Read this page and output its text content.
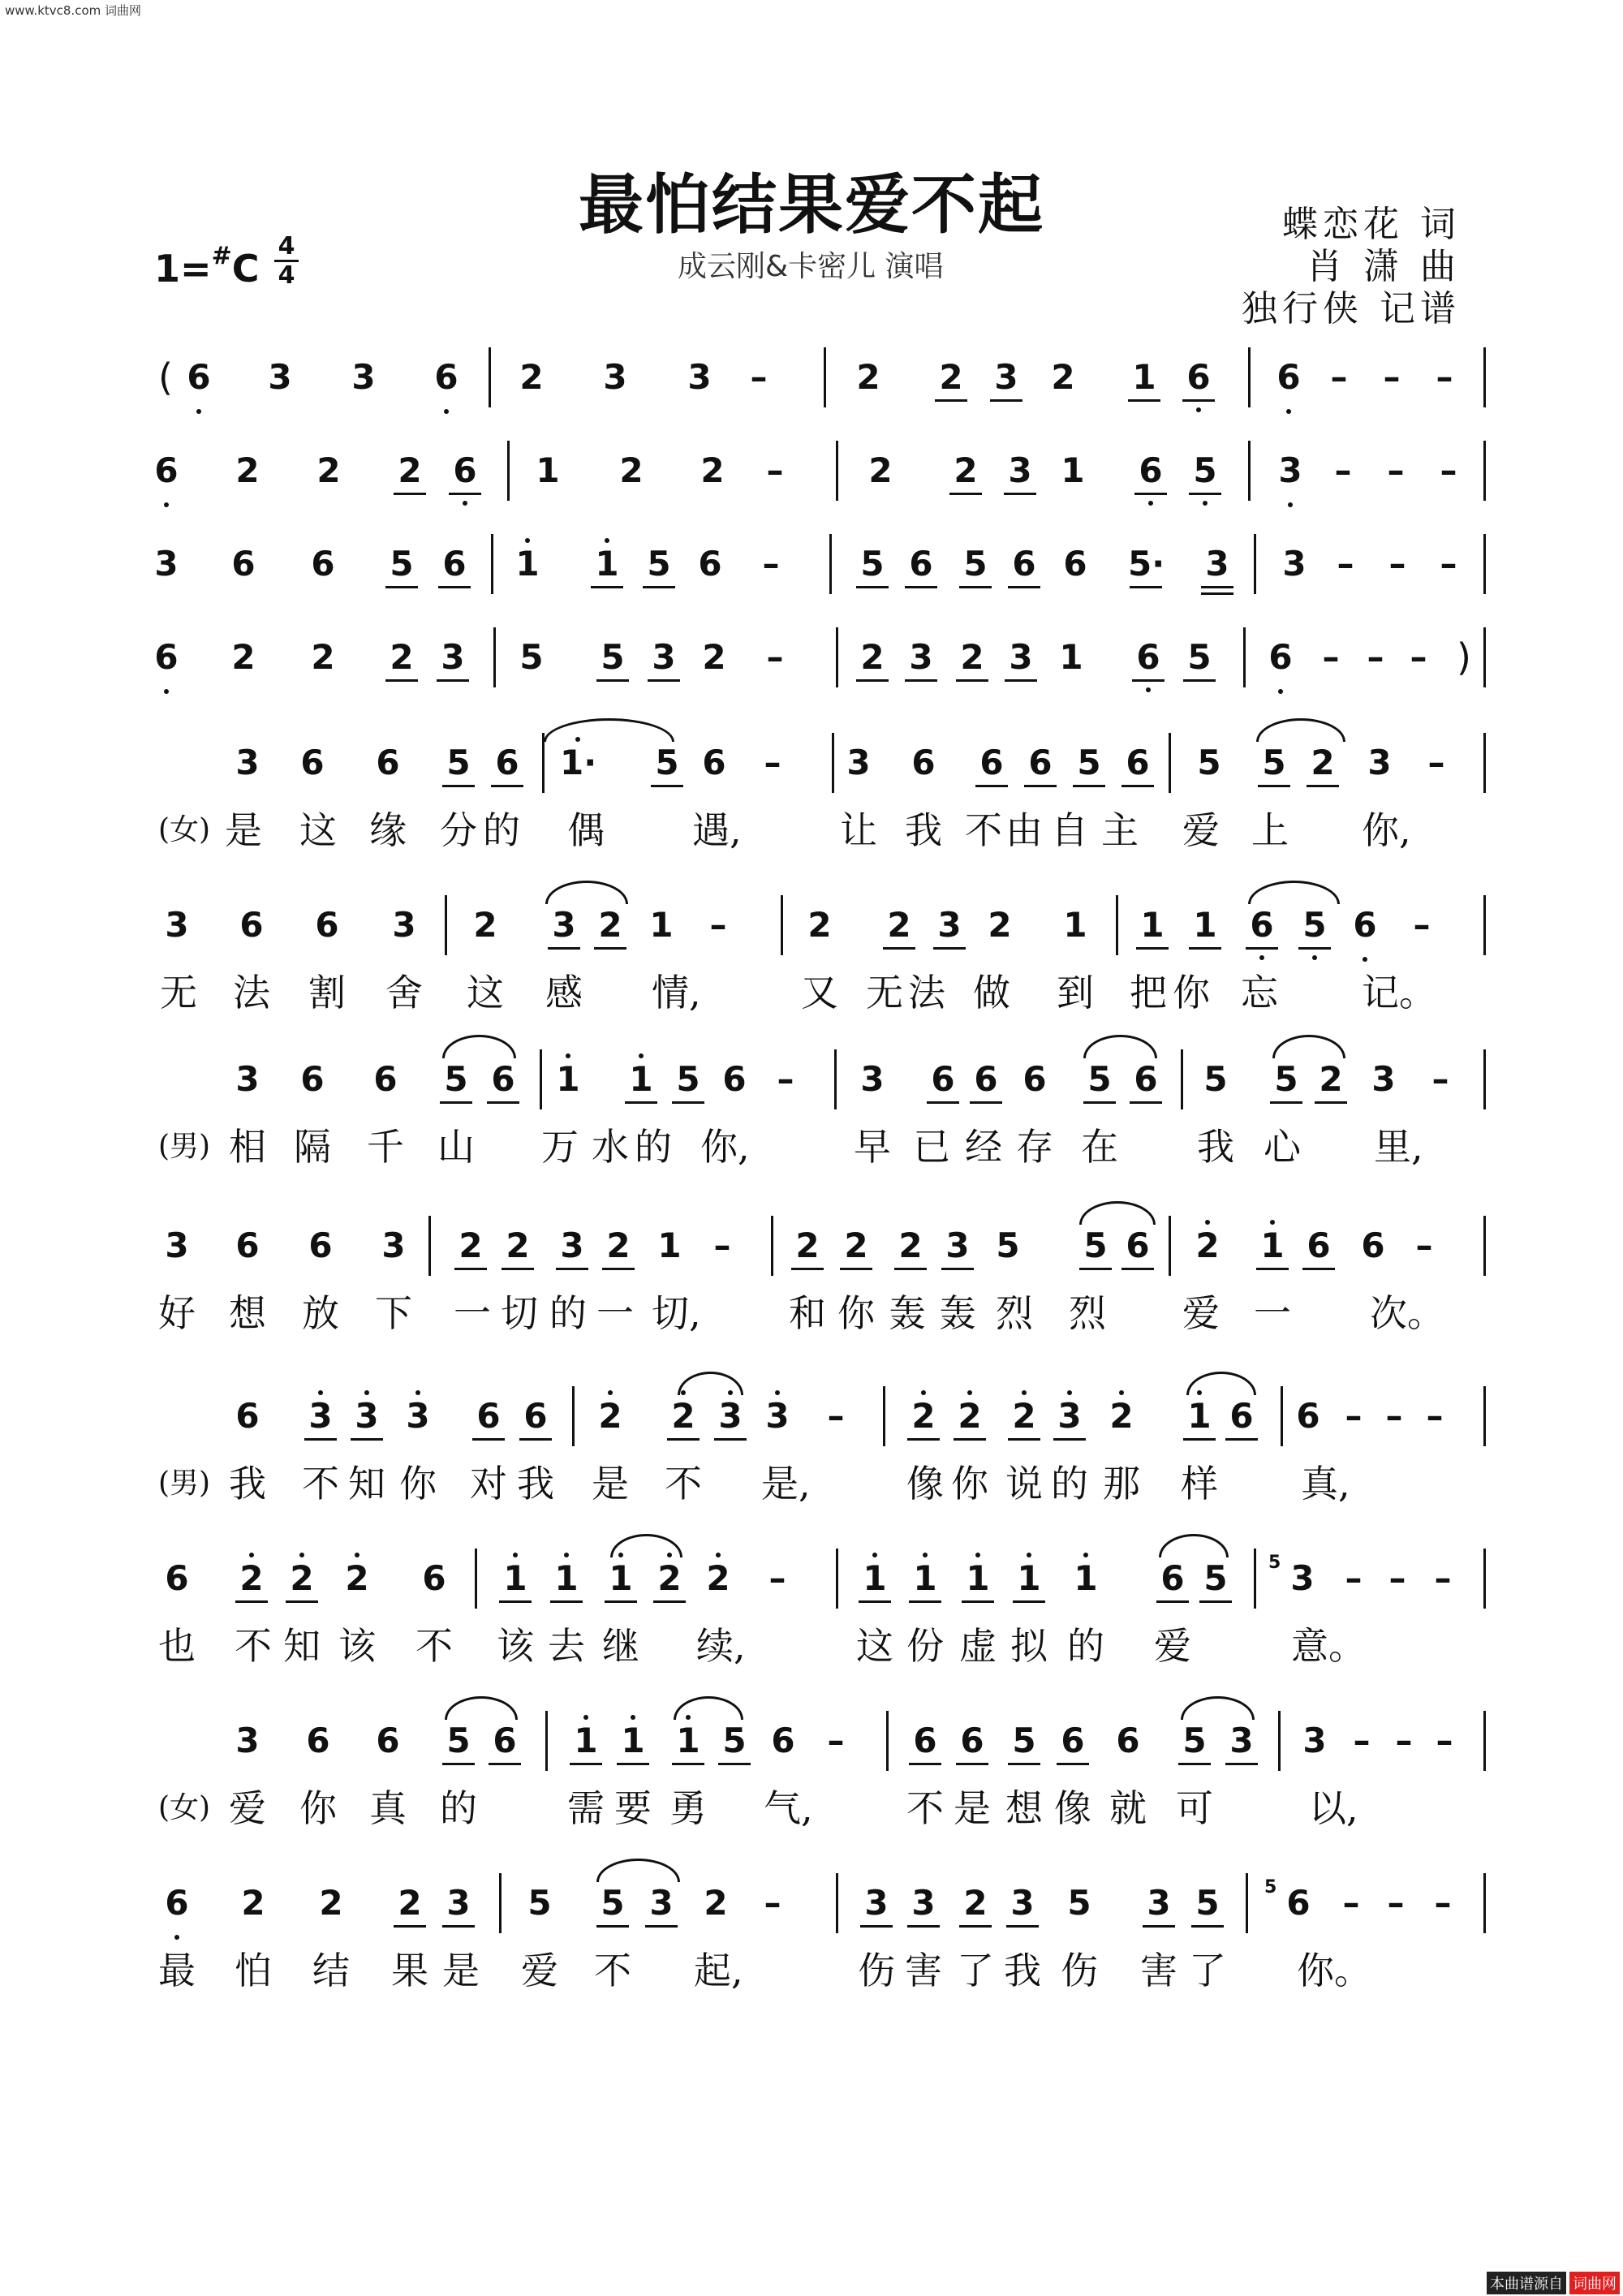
www.ktvc8.com 词曲网
最怕结果爱不起
成云刚&卡密儿 演唱
1=#C
4
4
蝶恋花 词
肖 潇 曲
独行侠 记谱
( 6 3 3 6 2 3 3 –	2 2 3 2 1 6 6 – – –
6 2 2 2 6 1 2 2 – 2 2 3 1 6 5 3 – – –
3 6 6 5 6 1 1 5 6 – 5 6 5 6 6 5· 3 3 – – –
)
6 2 2 2 3 5 5 3 2 – 2 3 2 3 1 6 5 6 – – –
3 6 6 5 6 1· 5 6 – 3 6 6 6 5 6 5 5 2 3 –
3 6 6 3 2 3 2 1 – 2 2 3 2 1 1 1 6 5 6 –
3 6 6 5 6 1 1 5 6 – 3 6 6 6 5 6 5 5 2 3 –
3 6 6 3 2 2 3 2 1 – 2 2 2 3 5 5 6 2 1 6 6 –
6 3 3 3 6 6 2 2 3 3 – 2 2 2 3 2 1 6 6 – – –
6 2 2 2 6 1 1 1 2 2 – 1 1 1 1 1 6 5 3
5 – – –
3 6 6 5 6 1 1 1 5 6 – 6 6 5 6 6 5 3 3 – – –
6 2 2 2 3 5 5 3 2 – 3 3 2 3 5 3 5 6
5 – – –
(女) 是 这 缘 分 的 偶 遇,	让 我 不 由 自 主 爱 上 你,
无 法 割 舍 这 感 情,	又 无 法 做 到 把 你 忘 记。
(男) 相 隔 千 山 万 水 的 你,	早 已 经 存 在 我 心 里,
好 想 放 下 一 切 的 一 切, 和 你 轰 轰 烈 烈 爱 一 次。
(男) 我 不 知 你 对 我 是 不 是,	像 你 说 的 那 样 真,
也 不 知 该 不 该 去 继 续,	这 份 虚 拟 的 爱	意。
(女) 爱 你 真 的 需 要 勇 气,	不 是 想 像 就 可	以,
最 怕 结 果 是 爱 不 起,	伤 害 了 我 伤 害 了 你。
本曲谱源自 词曲网
